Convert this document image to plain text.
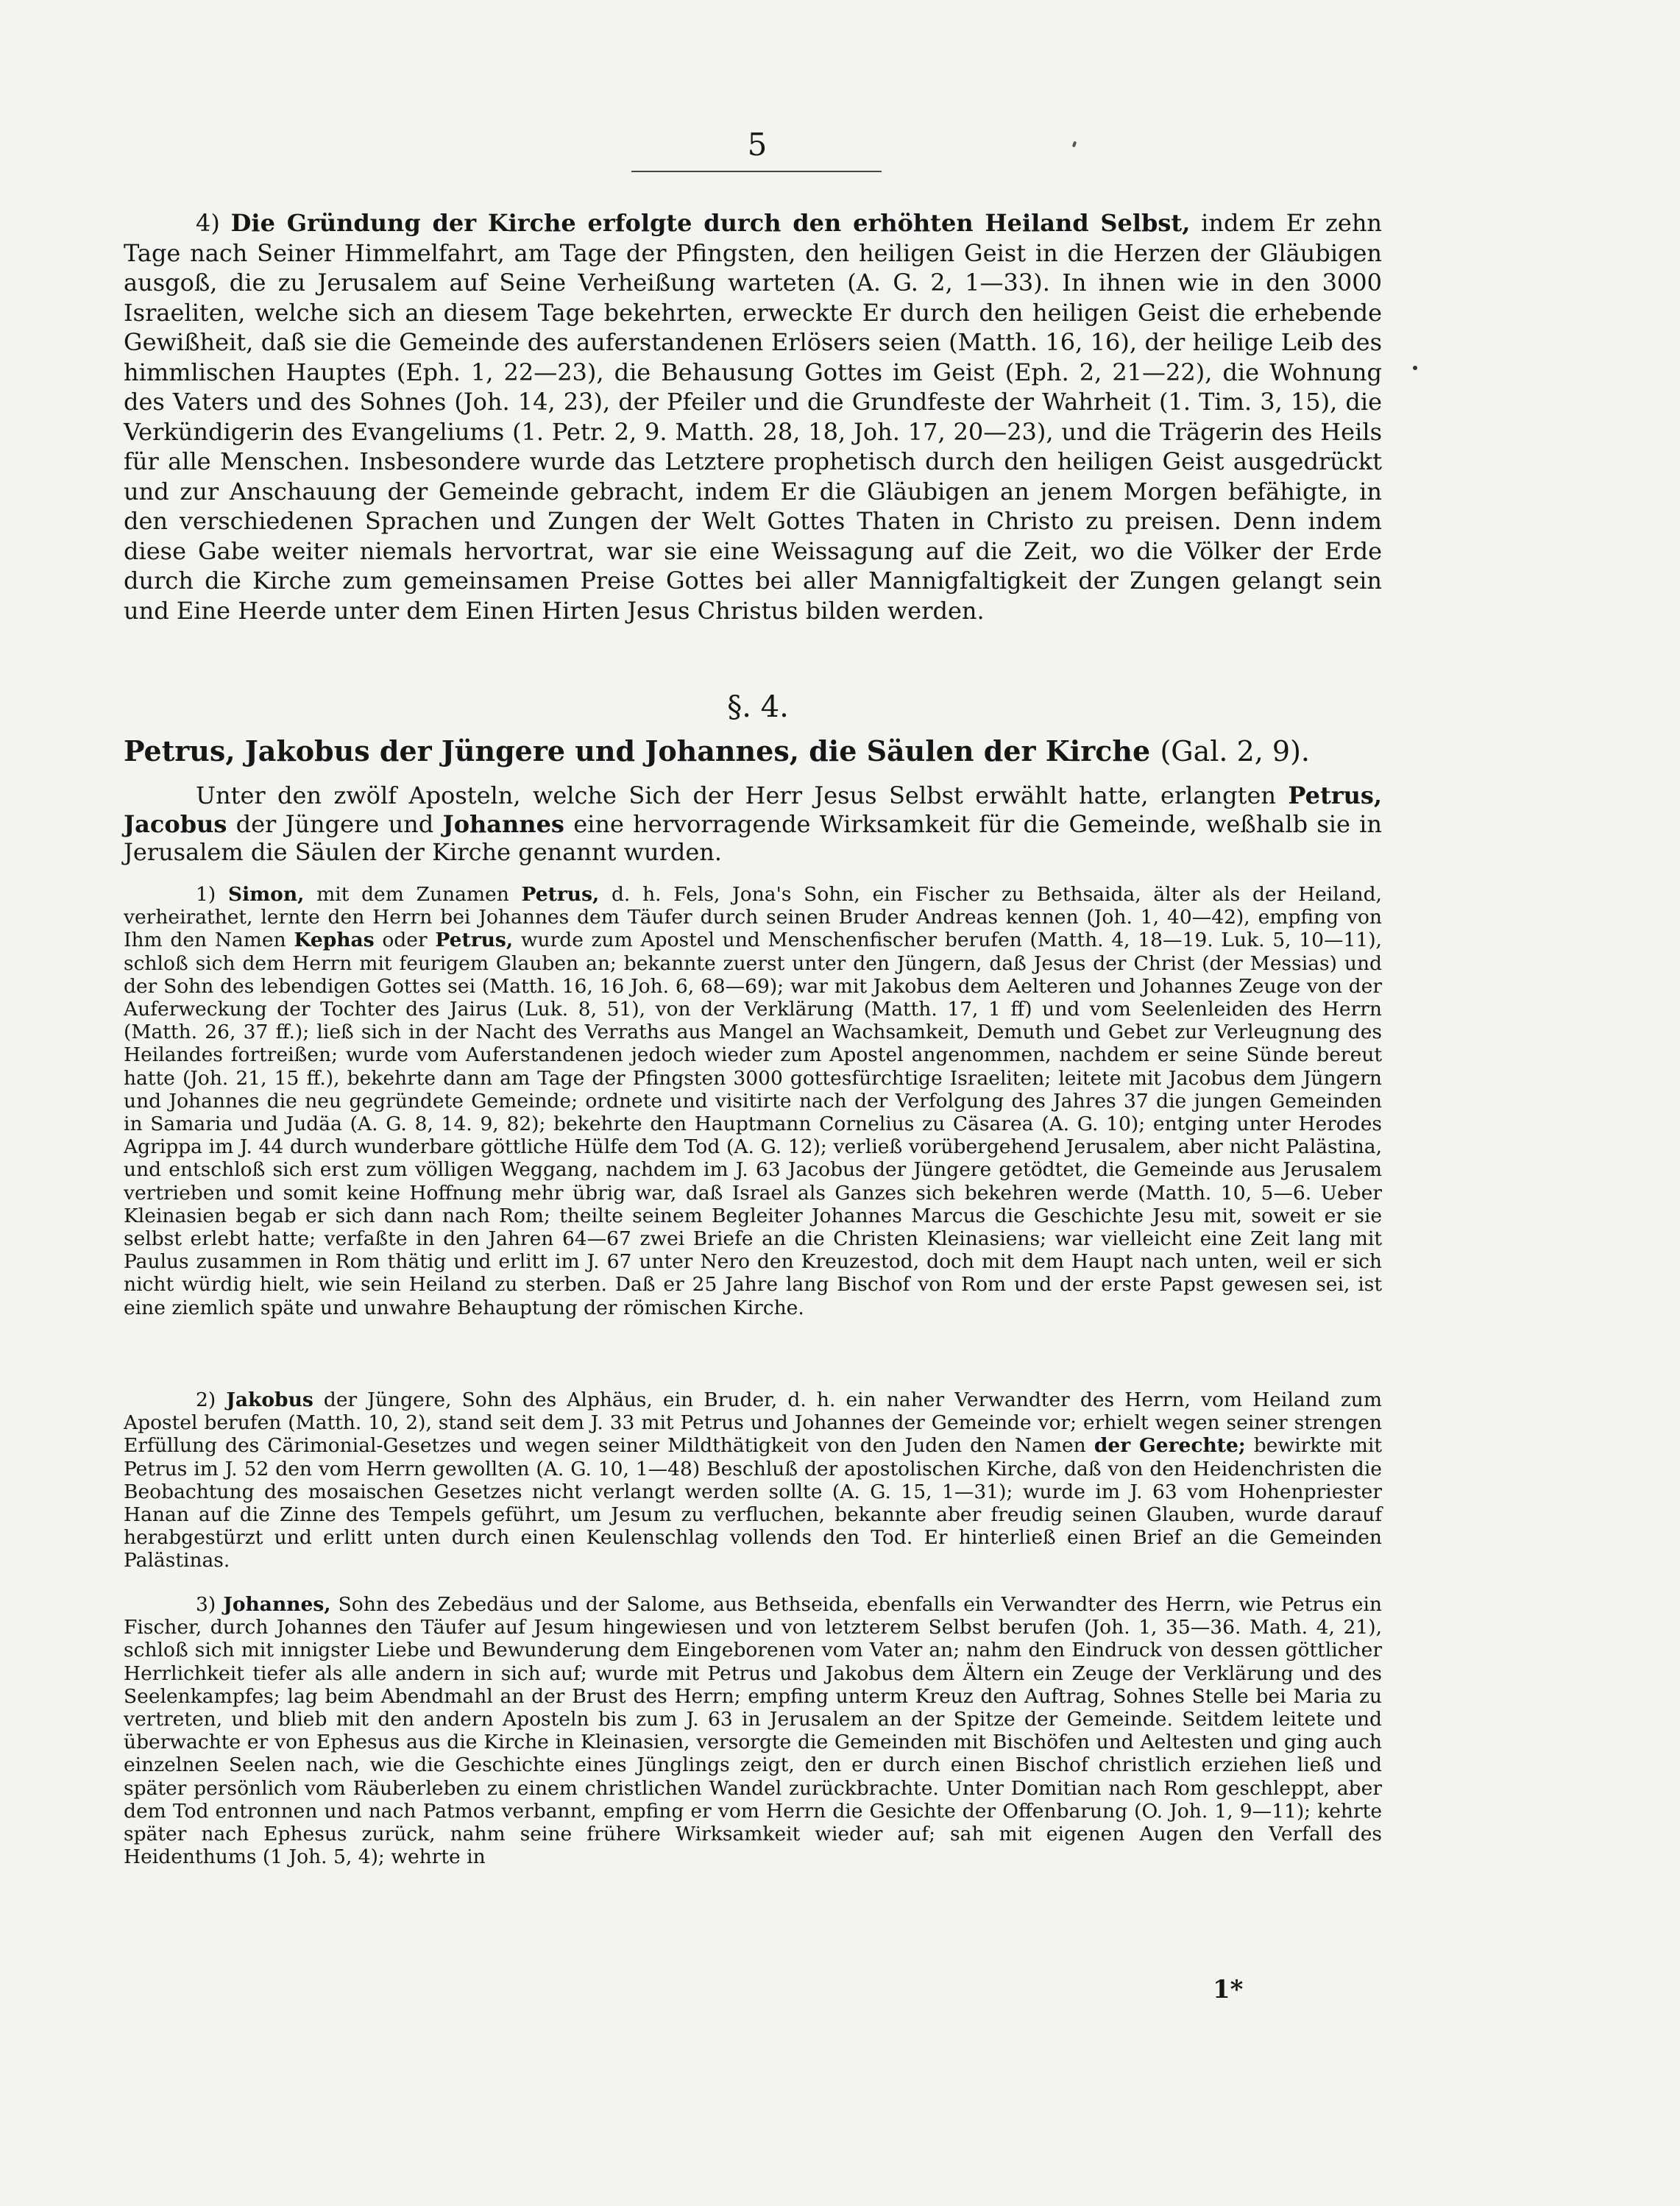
5
4) Die Gründung der Kirche erfolgte durch den erhöhten Heiland Selbst, indem Er zehn Tage nach Seiner Himmelfahrt, am Tage der Pfingsten, den heiligen Geist in die Herzen der Gläubigen ausgoß, die zu Jerusalem auf Seine Verheißung warteten (A. G. 2, 1—33). In ihnen wie in den 3000 Israeliten, welche sich an diesem Tage bekehrten, erweckte Er durch den heiligen Geist die erhebende Gewißheit, daß sie die Gemeinde des auferstandenen Erlösers seien (Matth. 16, 16), der heilige Leib des himmlischen Hauptes (Eph. 1, 22—23), die Behausung Gottes im Geist (Eph. 2, 21—22), die Wohnung des Vaters und des Sohnes (Joh. 14, 23), der Pfeiler und die Grundfeste der Wahrheit (1. Tim. 3, 15), die Verkündigerin des Evangeliums (1. Petr. 2, 9. Matth. 28, 18, Joh. 17, 20—23), und die Trägerin des Heils für alle Menschen. Insbesondere wurde das Letztere prophetisch durch den heiligen Geist ausgedrückt und zur Anschauung der Gemeinde gebracht, indem Er die Gläubigen an jenem Morgen befähigte, in den verschiedenen Sprachen und Zungen der Welt Gottes Thaten in Christo zu preisen. Denn indem diese Gabe weiter niemals hervortrat, war sie eine Weissagung auf die Zeit, wo die Völker der Erde durch die Kirche zum gemeinsamen Preise Gottes bei aller Mannigfaltigkeit der Zungen gelangt sein und Eine Heerde unter dem Einen Hirten Jesus Christus bilden werden.
§. 4.
Petrus, Jakobus der Jüngere und Johannes, die Säulen der Kirche (Gal. 2, 9).
Unter den zwölf Aposteln, welche Sich der Herr Jesus Selbst erwählt hatte, erlangten Petrus, Jacobus der Jüngere und Johannes eine hervorragende Wirksamkeit für die Gemeinde, weßhalb sie in Jerusalem die Säulen der Kirche genannt wurden.
1) Simon, mit dem Zunamen Petrus, d. h. Fels, Jona's Sohn, ein Fischer zu Bethsaida, älter als der Heiland, verheirathet, lernte den Herrn bei Johannes dem Täufer durch seinen Bruder Andreas kennen (Joh. 1, 40—42), empfing von Ihm den Namen Kephas oder Petrus, wurde zum Apostel und Menschenfischer berufen (Matth. 4, 18—19. Luk. 5, 10—11), schloß sich dem Herrn mit feurigem Glauben an; bekannte zuerst unter den Jüngern, daß Jesus der Christ (der Messias) und der Sohn des lebendigen Gottes sei (Matth. 16, 16 Joh. 6, 68—69); war mit Jakobus dem Aelteren und Johannes Zeuge von der Auferweckung der Tochter des Jairus (Luk. 8, 51), von der Verklärung (Matth. 17, 1 ff) und vom Seelenleiden des Herrn (Matth. 26, 37 ff.); ließ sich in der Nacht des Verraths aus Mangel an Wachsamkeit, Demuth und Gebet zur Verleugnung des Heilandes fortreißen; wurde vom Auferstandenen jedoch wieder zum Apostel angenommen, nachdem er seine Sünde bereut hatte (Joh. 21, 15 ff.), bekehrte dann am Tage der Pfingsten 3000 gottesfürchtige Israeliten; leitete mit Jacobus dem Jüngern und Johannes die neu gegründete Gemeinde; ordnete und visitirte nach der Verfolgung des Jahres 37 die jungen Gemeinden in Samaria und Judäa (A. G. 8, 14. 9, 82); bekehrte den Hauptmann Cornelius zu Cäsarea (A. G. 10); entging unter Herodes Agrippa im J. 44 durch wunderbare göttliche Hülfe dem Tod (A. G. 12); verließ vorübergehend Jerusalem, aber nicht Palästina, und entschloß sich erst zum völligen Weggang, nachdem im J. 63 Jacobus der Jüngere getödtet, die Gemeinde aus Jerusalem vertrieben und somit keine Hoffnung mehr übrig war, daß Israel als Ganzes sich bekehren werde (Matth. 10, 5—6. Ueber Kleinasien begab er sich dann nach Rom; theilte seinem Begleiter Johannes Marcus die Geschichte Jesu mit, soweit er sie selbst erlebt hatte; verfaßte in den Jahren 64—67 zwei Briefe an die Christen Kleinasiens; war vielleicht eine Zeit lang mit Paulus zusammen in Rom thätig und erlitt im J. 67 unter Nero den Kreuzestod, doch mit dem Haupt nach unten, weil er sich nicht würdig hielt, wie sein Heiland zu sterben. Daß er 25 Jahre lang Bischof von Rom und der erste Papst gewesen sei, ist eine ziemlich späte und unwahre Behauptung der römischen Kirche.
2) Jakobus der Jüngere, Sohn des Alphäus, ein Bruder, d. h. ein naher Verwandter des Herrn, vom Heiland zum Apostel berufen (Matth. 10, 2), stand seit dem J. 33 mit Petrus und Johannes der Gemeinde vor; erhielt wegen seiner strengen Erfüllung des Cärimonial-Gesetzes und wegen seiner Mildthätigkeit von den Juden den Namen der Gerechte; bewirkte mit Petrus im J. 52 den vom Herrn gewollten (A. G. 10, 1—48) Beschluß der apostolischen Kirche, daß von den Heidenchristen die Beobachtung des mosaischen Gesetzes nicht verlangt werden sollte (A. G. 15, 1—31); wurde im J. 63 vom Hohenpriester Hanan auf die Zinne des Tempels geführt, um Jesum zu verfluchen, bekannte aber freudig seinen Glauben, wurde darauf herabgestürzt und erlitt unten durch einen Keulenschlag vollends den Tod. Er hinterließ einen Brief an die Gemeinden Palästinas.
3) Johannes, Sohn des Zebedäus und der Salome, aus Bethseida, ebenfalls ein Verwandter des Herrn, wie Petrus ein Fischer, durch Johannes den Täufer auf Jesum hingewiesen und von letzterem Selbst berufen (Joh. 1, 35—36. Math. 4, 21), schloß sich mit innigster Liebe und Bewunderung dem Eingeborenen vom Vater an; nahm den Eindruck von dessen göttlicher Herrlichkeit tiefer als alle andern in sich auf; wurde mit Petrus und Jakobus dem Ältern ein Zeuge der Verklärung und des Seelenkampfes; lag beim Abendmahl an der Brust des Herrn; empfing unterm Kreuz den Auftrag, Sohnes Stelle bei Maria zu vertreten, und blieb mit den andern Aposteln bis zum J. 63 in Jerusalem an der Spitze der Gemeinde. Seitdem leitete und überwachte er von Ephesus aus die Kirche in Kleinasien, versorgte die Gemeinden mit Bischöfen und Aeltesten und ging auch einzelnen Seelen nach, wie die Geschichte eines Jünglings zeigt, den er durch einen Bischof christlich erziehen ließ und später persönlich vom Räuberleben zu einem christlichen Wandel zurückbrachte. Unter Domitian nach Rom geschleppt, aber dem Tod entronnen und nach Patmos verbannt, empfing er vom Herrn die Gesichte der Offenbarung (O. Joh. 1, 9—11); kehrte später nach Ephesus zurück, nahm seine frühere Wirksamkeit wieder auf; sah mit eigenen Augen den Verfall des Heidenthums (1 Joh. 5, 4); wehrte in
1*
